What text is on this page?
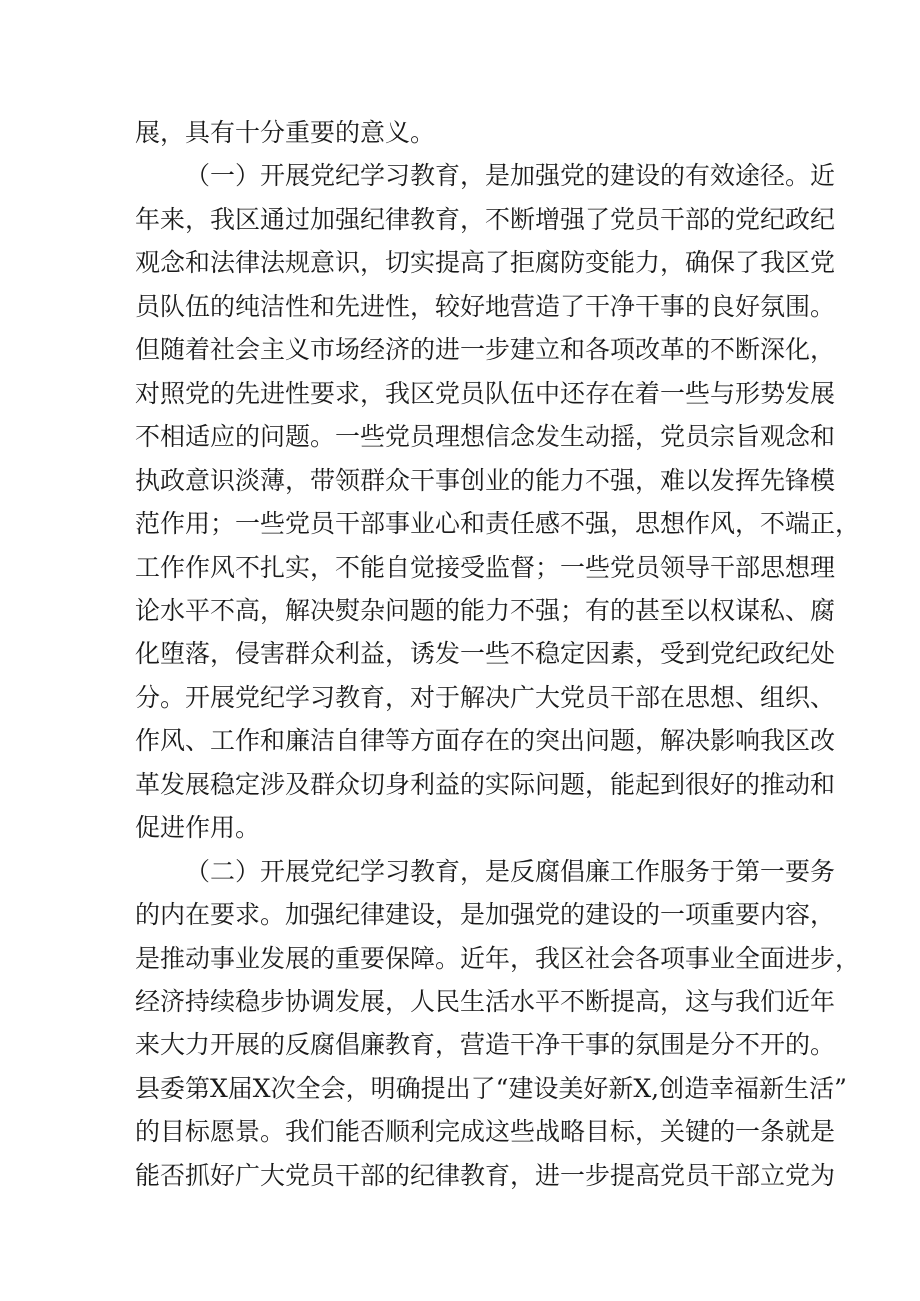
展，具有十分重要的意义。
（一）开展党纪学习教育，是加强党的建设的有效途径。近
年来，我区通过加强纪律教育，不断增强了党员干部的党纪政纪
观念和法律法规意识，切实提高了拒腐防变能力，确保了我区党
员队伍的纯洁性和先进性，较好地营造了干净干事的良好氛围。
但随着社会主义市场经济的进一步建立和各项改革的不断深化，
对照党的先进性要求，我区党员队伍中还存在着一些与形势发展
不相适应的问题。一些党员理想信念发生动摇，党员宗旨观念和
执政意识淡薄，带领群众干事创业的能力不强，难以发挥先锋模
范作用；一些党员干部事业心和责任感不强，思想作风，不端正，
工作作风不扎实，不能自觉接受监督；一些党员领导干部思想理
论水平不高，解决熨杂问题的能力不强；有的甚至以权谋私、腐
化堕落，侵害群众利益，诱发一些不稳定因素，受到党纪政纪处
分。开展党纪学习教育，对于解决广大党员干部在思想、组织、
作风、工作和廉洁自律等方面存在的突出问题，解决影响我区改
革发展稳定涉及群众切身利益的实际问题，能起到很好的推动和
促进作用。
（二）开展党纪学习教育，是反腐倡廉工作服务于第一要务
的内在要求。加强纪律建设，是加强党的建设的一项重要内容，
是推动事业发展的重要保障。近年，我区社会各项事业全面进步，
经济持续稳步协调发展，人民生活水平不断提高，这与我们近年
来大力开展的反腐倡廉教育，营造干净干事的氛围是分不开的。
县委第X届X次全会，明确提出了“建设美好新X,创造幸福新生活”
的目标愿景。我们能否顺利完成这些战略目标，关键的一条就是
能否抓好广大党员干部的纪律教育，进一步提高党员干部立党为
